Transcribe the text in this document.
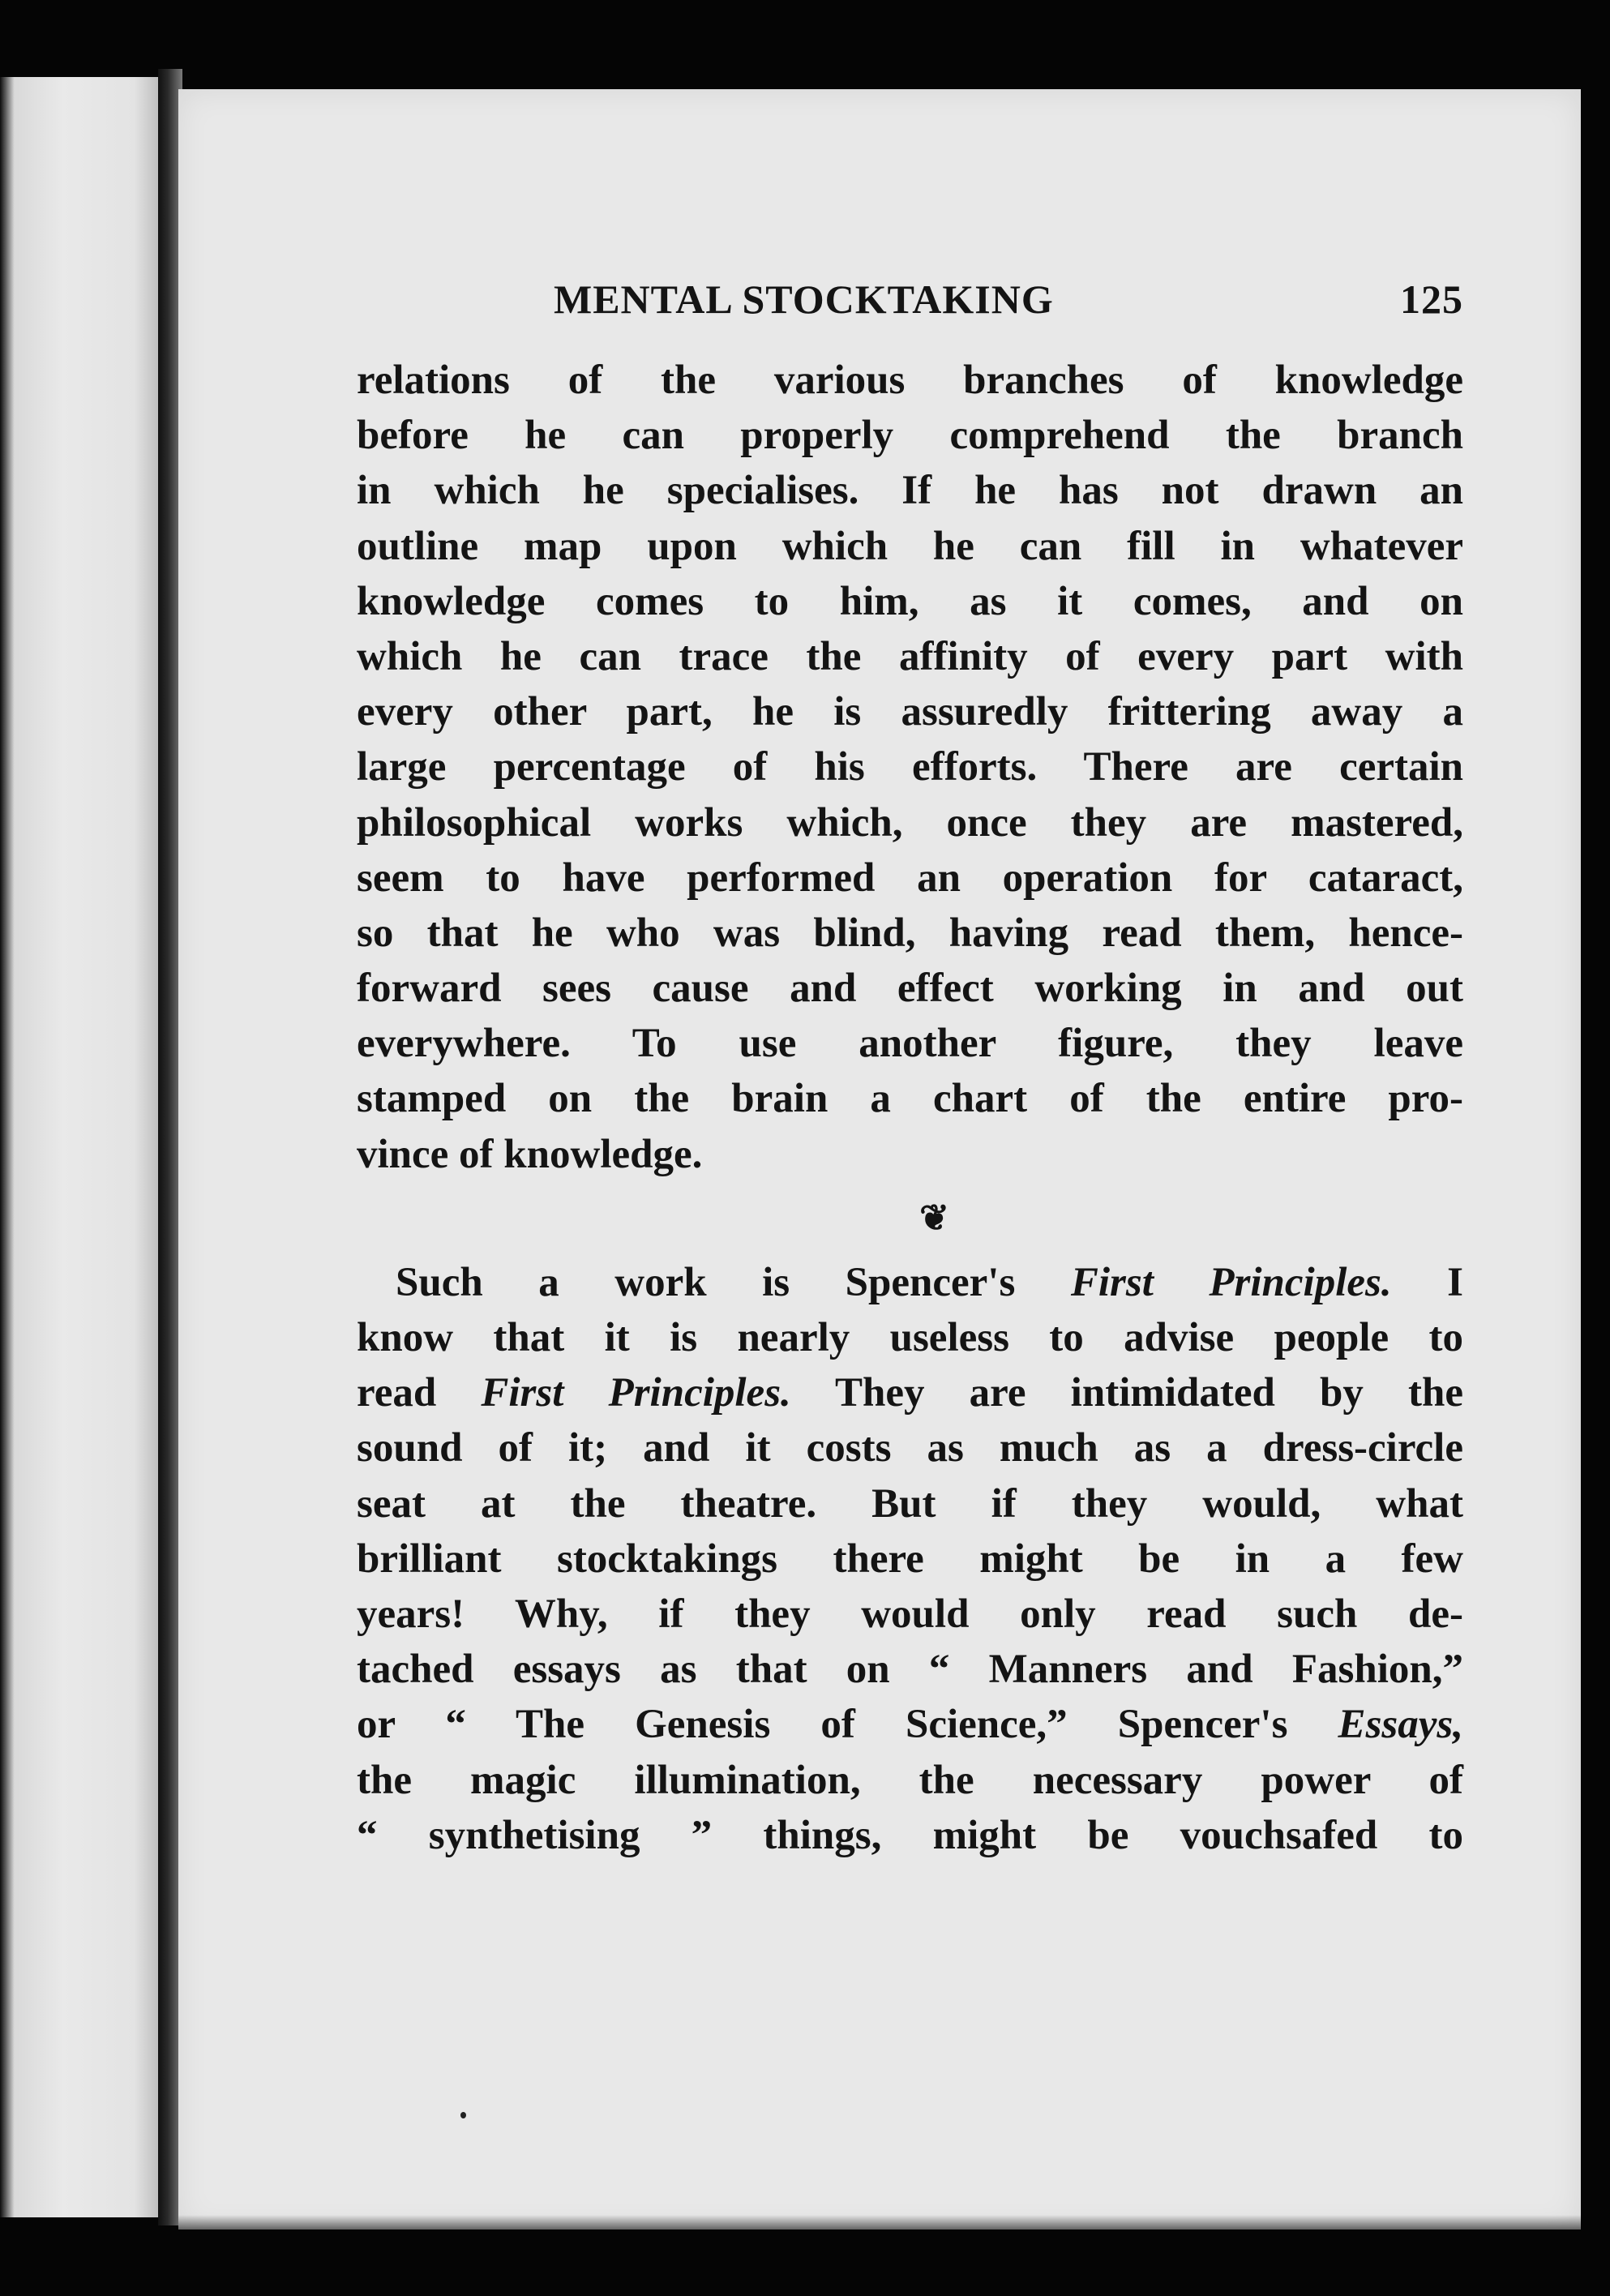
MENTAL STOCKTAKING	125
relations of the various branches of knowledge
before he can properly comprehend the branch
in which he specialises. If he has not drawn an
outline map upon which he can fill in whatever
knowledge comes to him, as it comes, and on
which he can trace the affinity of every part with
every other part, he is assuredly frittering away a
large percentage of his efforts. There are certain
philosophical works which, once they are mastered,
seem to have performed an operation for cataract,
so that he who was blind, having read them, hence-
forward sees cause and effect working in and out
everywhere. To use another figure, they leave
stamped on the brain a chart of the entire pro-
vince of knowledge.
❦
Such a work is Spencer's First Principles. I
know that it is nearly useless to advise people to
read First Principles. They are intimidated by the
sound of it; and it costs as much as a dress-circle
seat at the theatre. But if they would, what
brilliant stocktakings there might be in a few
years! Why, if they would only read such de-
tached essays as that on “ Manners and Fashion,”
or “ The Genesis of Science,” Spencer's Essays,
the magic illumination, the necessary power of
“ synthetising ” things, might be vouchsafed to
